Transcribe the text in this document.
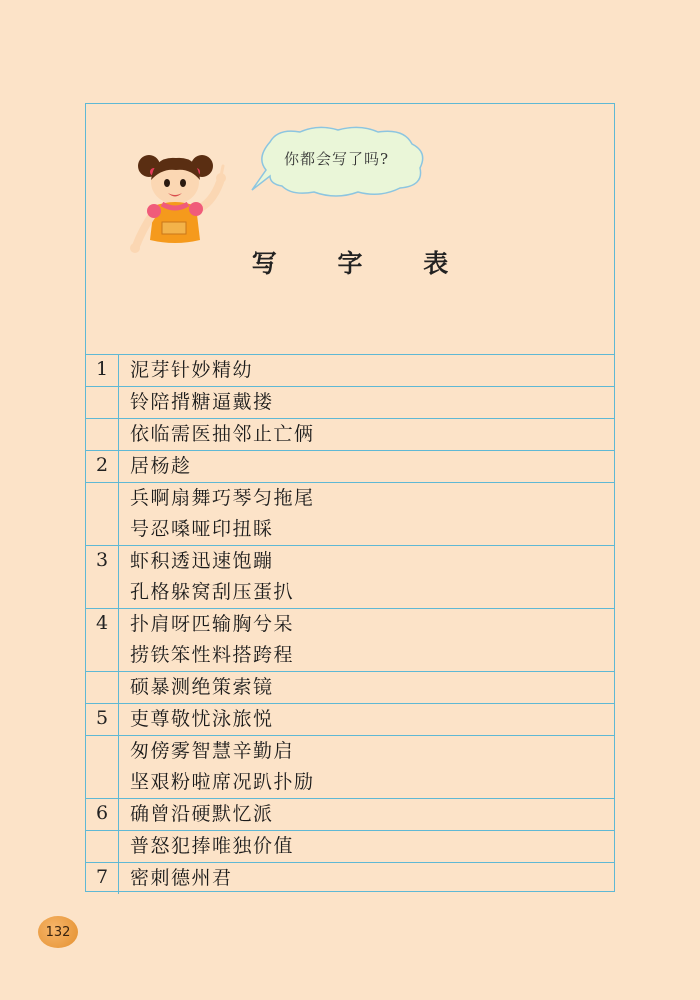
你都会写了吗?
写 字 表
1	泥芽针妙精幼
铃陪揹糖逼戴搂
依临需医抽邻止亡俩
2	居杨趁
兵啊扇舞巧琴匀拖尾
号忍嗓哑印扭睬
3	虾积透迅速饱蹦
孔格躲窝刮压蛋扒
4	扑肩呀匹输胸兮呆
捞铁笨性料搭跨程
硕暴测绝策索镜
5	吏尊敬忧泳旅悦
匆傍雾智慧辛勤启
坚艰粉啦席况趴扑励
6	确曾沿硬默忆派
普怒犯捧唯独价值
7	密刺德州君
132
